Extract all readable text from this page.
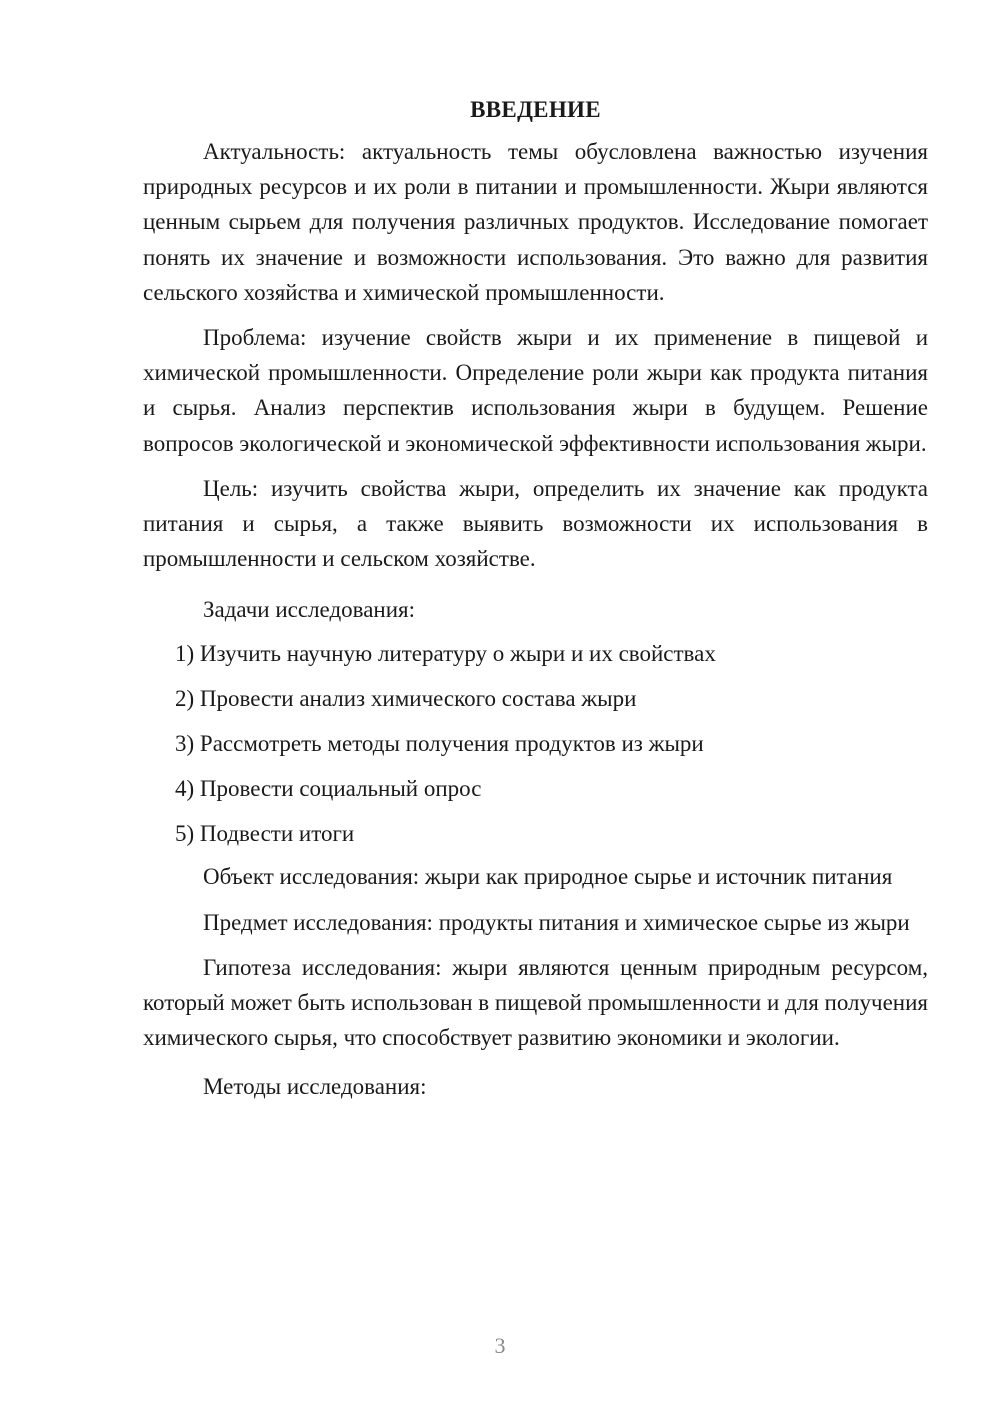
ВВЕДЕНИЕ

Актуальность: актуальность темы обусловлена важностью изучения природных ресурсов и их роли в питании и промышленности. Жыри являются ценным сырьем для получения различных продуктов. Исследование помогает понять их значение и возможности использования. Это важно для развития сельского хозяйства и химической промышленности.

Проблема: изучение свойств жыри и их применение в пищевой и химической промышленности. Определение роли жыри как продукта питания и сырья. Анализ перспектив использования жыри в будущем. Решение вопросов экологической и экономической эффективности использования жыри.

Цель: изучить свойства жыри, определить их значение как продукта питания и сырья, а также выявить возможности их использования в промышленности и сельском хозяйстве.

Задачи исследования:

1) Изучить научную литературу о жыри и их свойствах

2) Провести анализ химического состава жыри

3) Рассмотреть методы получения продуктов из жыри

4) Провести социальный опрос

5) Подвести итоги

Объект исследования: жыри как природное сырье и источник питания

Предмет исследования: продукты питания и химическое сырье из жыри

Гипотеза исследования: жыри являются ценным природным ресурсом, который может быть использован в пищевой промышленности и для получения химического сырья, что способствует развитию экономики и экологии.

Методы исследования:

3
